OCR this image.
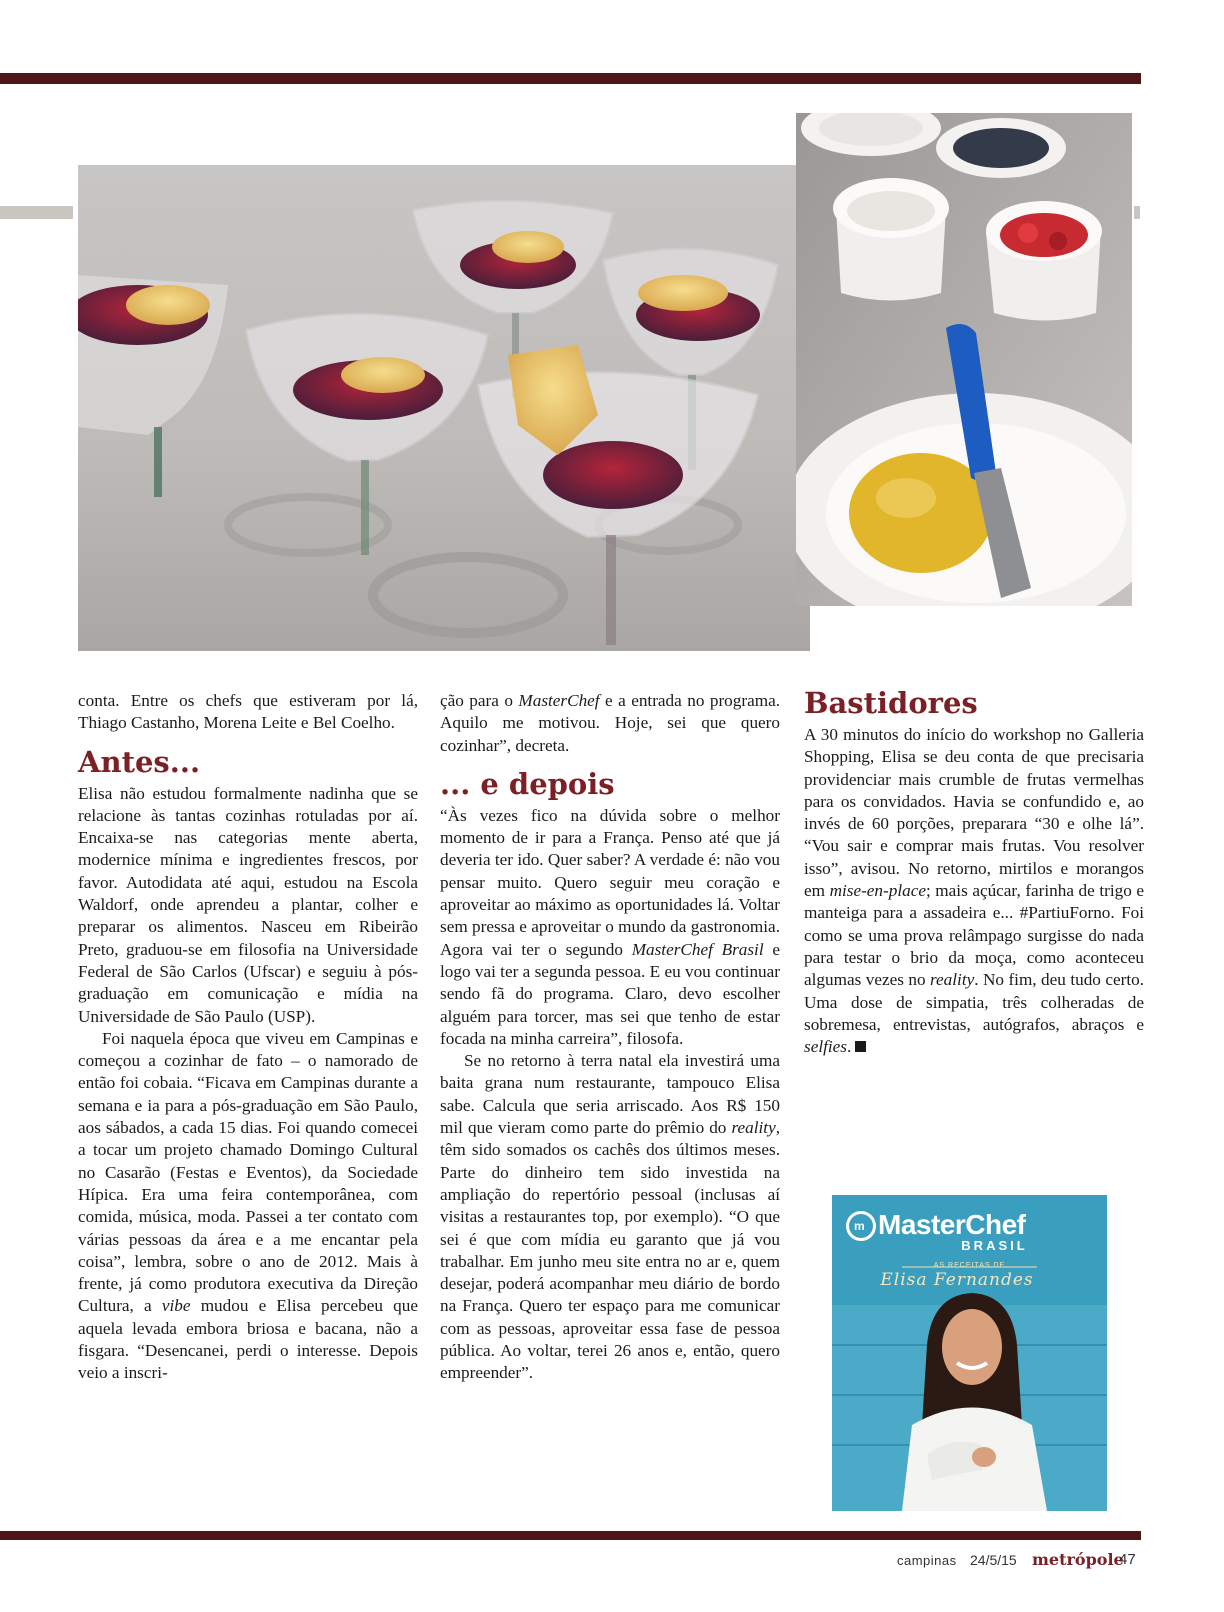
conta. Entre os chefs que estiveram por lá, Thiago Castanho, Morena Leite e Bel Coelho.

Antes...

Elisa não estudou formalmente nadinha que se relacione às tantas cozinhas rotuladas por aí. Encaixa-se nas categorias mente aberta, modernice mínima e ingredientes frescos, por favor. Autodidata até aqui, estudou na Escola Waldorf, onde aprendeu a plantar, colher e preparar os alimentos. Nasceu em Ribeirão Preto, graduou-se em filosofia na Universidade Federal de São Carlos (Ufscar) e seguiu à pós-graduação em comunicação e mídia na Universidade de São Paulo (USP).

Foi naquela época que viveu em Campinas e começou a cozinhar de fato – o namorado de então foi cobaia. “Ficava em Campinas durante a semana e ia para a pós-graduação em São Paulo, aos sábados, a cada 15 dias. Foi quando comecei a tocar um projeto chamado Domingo Cultural no Casarão (Festas e Eventos), da Sociedade Hípica. Era uma feira contemporânea, com comida, música, moda. Passei a ter contato com várias pessoas da área e a me encantar pela coisa”, lembra, sobre o ano de 2012. Mais à frente, já como produtora executiva da Direção Cultura, a vibe mudou e Elisa percebeu que aquela levada embora briosa e bacana, não a fisgara. “Desencanei, perdi o interesse. Depois veio a inscri-

ção para o MasterChef e a entrada no programa. Aquilo me motivou. Hoje, sei que quero cozinhar”, decreta.

... e depois

“Às vezes fico na dúvida sobre o melhor momento de ir para a França. Penso até que já deveria ter ido. Quer saber? A verdade é: não vou pensar muito. Quero seguir meu coração e aproveitar ao máximo as oportunidades lá. Voltar sem pressa e aproveitar o mundo da gastronomia. Agora vai ter o segundo MasterChef Brasil e logo vai ter a segunda pessoa. E eu vou continuar sendo fã do programa. Claro, devo escolher alguém para torcer, mas sei que tenho de estar focada na minha carreira”, filosofa.

Se no retorno à terra natal ela investirá uma baita grana num restaurante, tampouco Elisa sabe. Calcula que seria arriscado. Aos R$ 150 mil que vieram como parte do prêmio do reality, têm sido somados os cachês dos últimos meses. Parte do dinheiro tem sido investida na ampliação do repertório pessoal (inclusas aí visitas a restaurantes top, por exemplo). “O que sei é que com mídia eu garanto que já vou trabalhar. Em junho meu site entra no ar e, quem desejar, poderá acompanhar meu diário de bordo na França. Quero ter espaço para me comunicar com as pessoas, aproveitar essa fase de pessoa pública. Ao voltar, terei 26 anos e, então, quero empreender”.

Bastidores

A 30 minutos do início do workshop no Galleria Shopping, Elisa se deu conta de que precisaria providenciar mais crumble de frutas vermelhas para os convidados. Havia se confundido e, ao invés de 60 porções, preparara “30 e olhe lá”. “Vou sair e comprar mais frutas. Vou resolver isso”, avisou. No retorno, mirtilos e morangos em mise-en-place; mais açúcar, farinha de trigo e manteiga para a assadeira e... #PartiuForno. Foi como se uma prova relâmpago surgisse do nada para testar o brio da moça, como aconteceu algumas vezes no reality. No fim, deu tudo certo. Uma dose de simpatia, três colheradas de sobremesa, entrevistas, autógrafos, abraços e selfies.

m MasterChef
BRASIL
AS RECEITAS DE
Elisa Fernandes
campinas 24/5/15 metrópole
47
